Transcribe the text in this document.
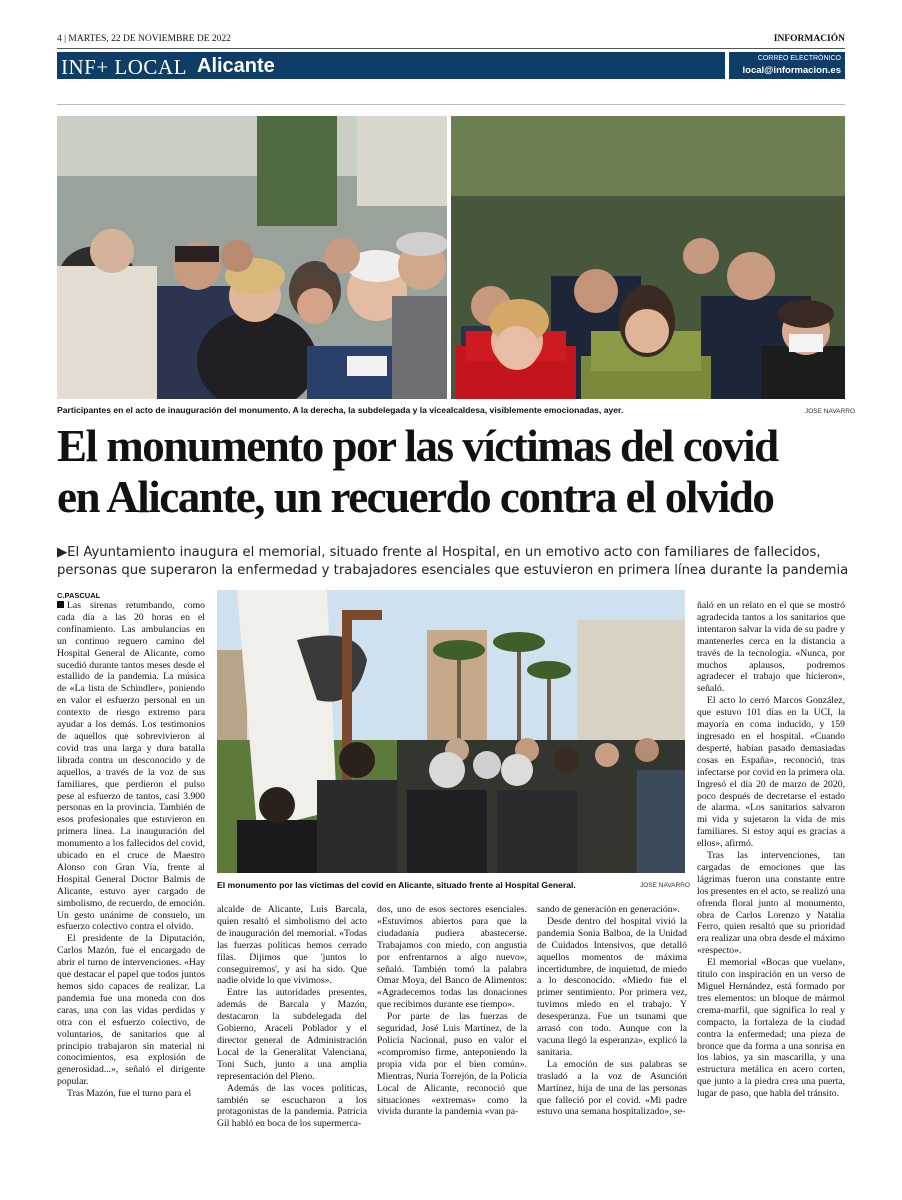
4 | MARTES, 22 DE NOVIEMBRE DE 2022	INFORMACIÓN
INF+ LOCAL Alicante	CORREO ELECTRÓNICO
local@informacion.es
Participantes en el acto de inauguración del monumento. A la derecha, la subdelegada y la vicealcaldesa, visiblemente emocionadas, ayer.	JOSE NAVARRO
El monumento por las víctimas del covid
en Alicante, un recuerdo contra el olvido
▶El Ayuntamiento inaugura el memorial, situado frente al Hospital, en un emotivo acto con familiares de fallecidos, personas que superaron la enfermedad y trabajadores esenciales que estuvieron en primera línea durante la pandemia
C.PASCUAL
El monumento por las víctimas del covid en Alicante, situado frente al Hospital General.	JOSE NAVARRO

Las sirenas retumbando, como cada día a las 20 horas en el confinamiento. Las ambulancias en un continuo reguero camino del Hospital General de Alicante, como sucedió durante tantos meses desde el estallido de la pandemia. La música de «La lista de Schindler», poniendo en valor el esfuerzo personal en un contexto de riesgo extremo para ayudar a los demás. Los testimonios de aquellos que sobrevivieron al covid tras una larga y dura batalla librada contra un desconocido y de aquellos, a través de la voz de sus familiares, que perdieron el pulso pese al esfuerzo de tantos, casi 3.900 personas en la provincia. También de esos profesionales que estuvieron en primera línea. La inauguración del monumento a los fallecidos del covid, ubicado en el cruce de Maestro Alonso con Gran Vía, frente al Hospital General Doctor Balmis de Alicante, estuvo ayer cargado de simbolismo, de recuerdo, de emoción. Un gesto unánime de consuelo, un esfuerzo colectivo contra el olvido.

El presidente de la Diputación, Carlos Mazón, fue el encargado de abrir el turno de intervenciones. «Hay que destacar el papel que todos juntos hemos sido capaces de realizar. La pandemia fue una moneda con dos caras, una con las vidas perdidas y otra con el esfuerzo colectivo, de voluntarios, de sanitarios que al principio trabajaron sin material ni conocimientos, esa explosión de generosidad...», señaló el dirigente popular.

Tras Mazón, fue el turno para el

alcalde de Alicante, Luis Barcala, quien resaltó el simbolismo del acto de inauguración del memorial. «Todas las fuerzas políticas hemos cerrado filas. Dijimos que 'juntos lo conseguiremos', y así ha sido. Que nadie olvide lo que vivimos».

Entre las autoridades presentes, además de Barcala y Mazón, destacaron la subdelegada del Gobierno, Araceli Poblador y el director general de Administración Local de la Generalitat Valenciana, Toni Such, junto a una amplia representación del Pleno.

Además de las voces políticas, también se escucharon a los protagonistas de la pandemia. Patricia Gil habló en boca de los supermerca-

dos, uno de esos sectores esenciales. «Estuvimos abiertos para que la ciudadanía pudiera abastecerse. Trabajamos con miedo, con angustia por enfrentarnos a algo nuevo», señaló. También tomó la palabra Omar Moya, del Banco de Alimentos: «Agradecemos todas las donaciones que recibimos durante ese tiempo».

Por parte de las fuerzas de seguridad, José Luis Martínez, de la Policía Nacional, puso en valor el «compromiso firme, anteponiendo la propia vida por el bien común». Mientras, Nuria Torrejón, de la Policía Local de Alicante, reconoció que situaciones «extremas» como la vivida durante la pandemia «van pa-

sando de generación en generación».

Desde dentro del hospital vivió la pandemia Sonia Balboa, de la Unidad de Cuidados Intensivos, que detalló aquellos momentos de máxima incertidumbre, de inquietud, de miedo a lo desconocido. «Miedo fue el primer sentimiento. Por primera vez, tuvimos miedo en el trabajo. Y desesperanza. Fue un tsunami que arrasó con todo. Aunque con la vacuna llegó la esperanza», explicó la sanitaria.

La emoción de sus palabras se trasladó a la voz de Asunción Martínez, hija de una de las personas que falleció por el covid. «Mi padre estuvo una semana hospitalizado», se-

ñaló en un relato en el que se mostró agradecida tantos a los sanitarios que intentaron salvar la vida de su padre y mantenerles cerca en la distancia a través de la tecnología. «Nunca, por muchos aplausos, podremos agradecer el trabajo que hicieron», señaló.

El acto lo cerró Marcos González, que estuvo 101 días en la UCI, la mayoría en coma inducido, y 159 ingresado en el hospital. «Cuando desperté, habían pasado demasiadas cosas en España», reconoció, tras infectarse por covid en la primera ola. Ingresó el día 20 de marzo de 2020, poco después de decretarse el estado de alarma. «Los sanitarios salvaron mi vida y sujetaron la vida de mis familiares. Si estoy aquí es gracias a ellos», afirmó.

Tras las intervenciones, tan cargadas de emociones que las lágrimas fueron una constante entre los presentes en el acto, se realizó una ofrenda floral junto al monumento, obra de Carlos Lorenzo y Natalia Ferro, quien resaltó que su prioridad era realizar una obra desde el máximo «respecto».

El memorial «Bocas que vuelan», titulo con inspiración en un verso de Miguel Hernández, está formado por tres elementos: un bloque de mármol crema-marfil, que significa lo real y compacto, la fortaleza de la ciudad contra la enfermedad; una pieza de bronce que da forma a una sonrisa en los labios, ya sin mascarilla, y una estructura metálica en acero corten, que junto a la piedra crea una puerta, lugar de paso, que habla del tránsito.
